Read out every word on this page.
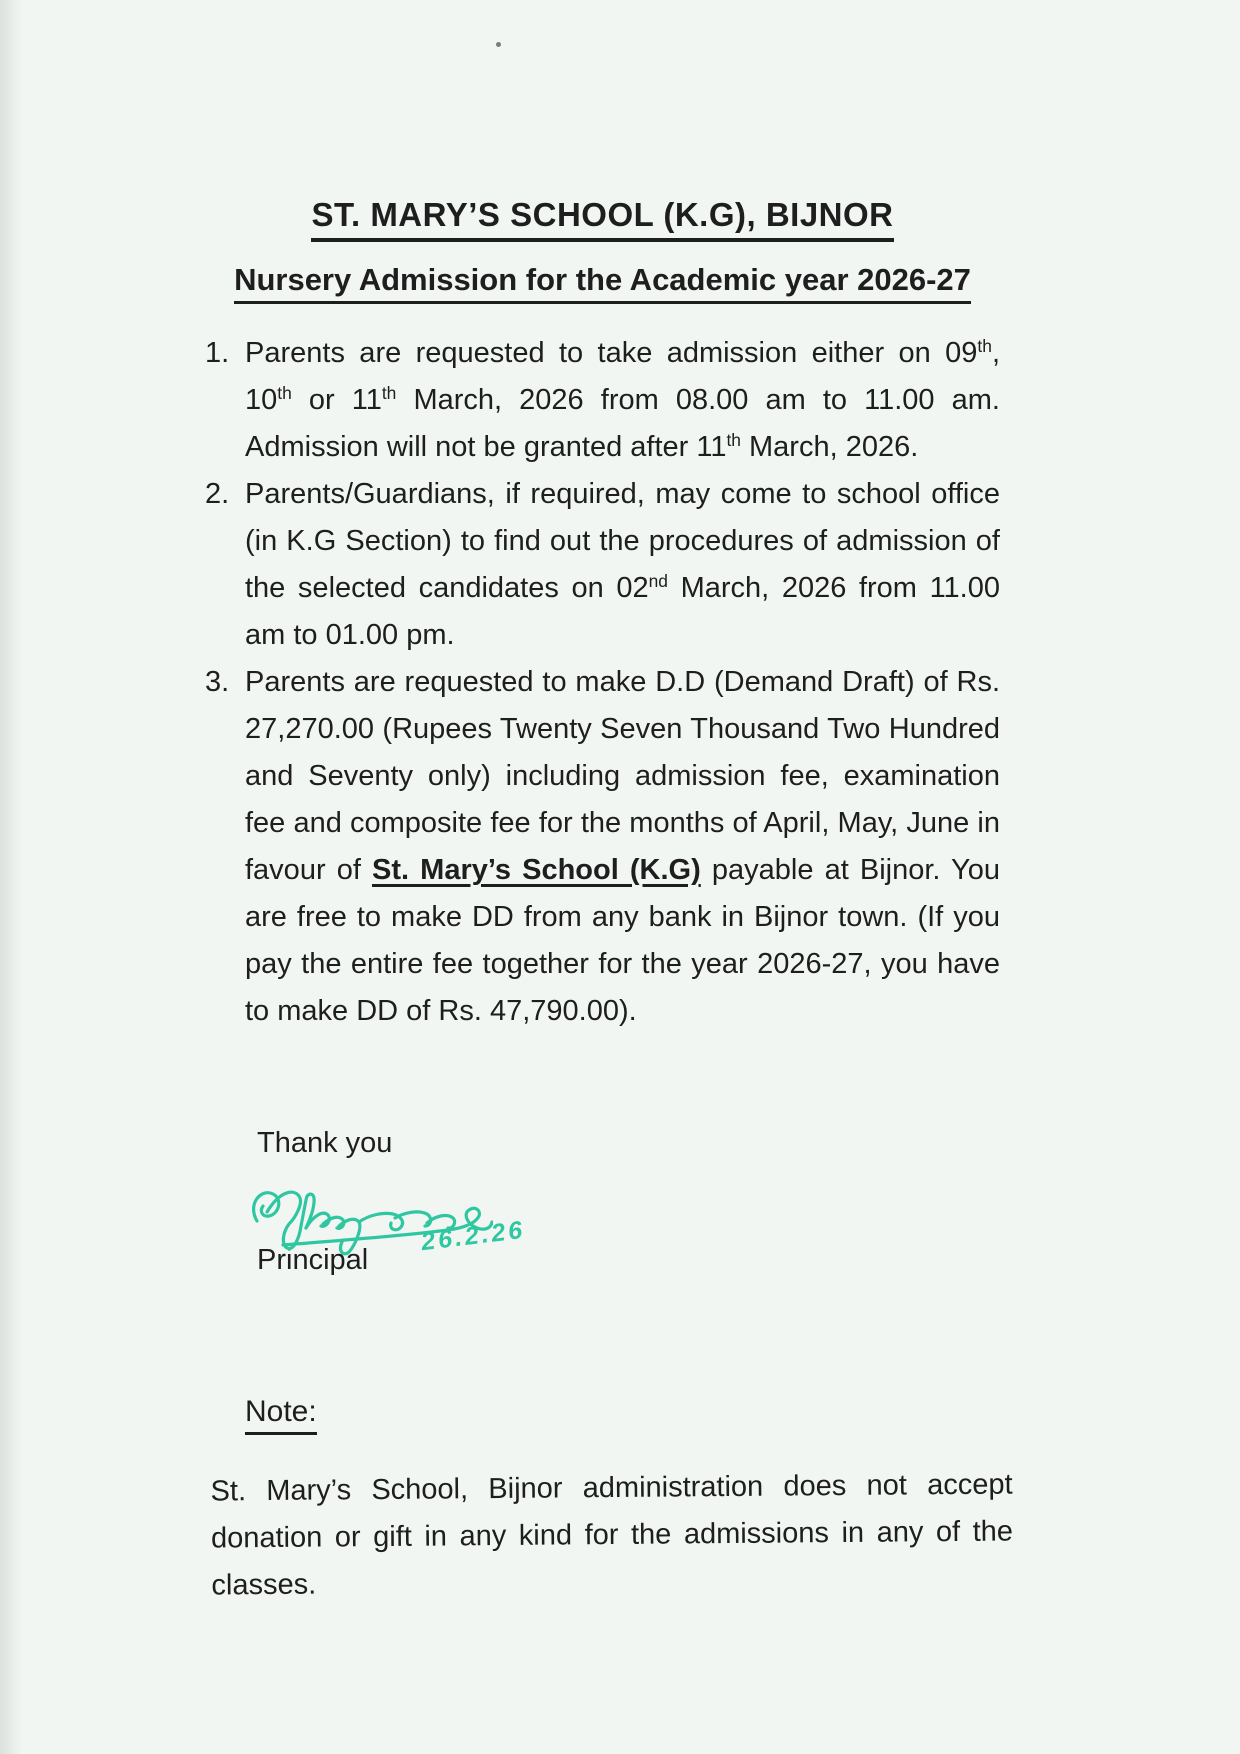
ST. MARY’S SCHOOL (K.G), BIJNOR
Nursery Admission for the Academic year 2026-27
1. Parents are requested to take admission either on 09th, 10th or 11th March, 2026 from 08.00 am to 11.00 am. Admission will not be granted after 11th March, 2026.
2. Parents/Guardians, if required, may come to school office (in K.G Section) to find out the procedures of admission of the selected candidates on 02nd March, 2026 from 11.00 am to 01.00 pm.
3. Parents are requested to make D.D (Demand Draft) of Rs. 27,270.00 (Rupees Twenty Seven Thousand Two Hundred and Seventy only) including admission fee, examination fee and composite fee for the months of April, May, June in favour of St. Mary’s School (K.G) payable at Bijnor. You are free to make DD from any bank in Bijnor town. (If you pay the entire fee together for the year 2026-27, you have to make DD of Rs. 47,790.00).

Thank you

26.2.26

Principal

Note:

St. Mary’s School, Bijnor administration does not accept donation or gift in any kind for the admissions in any of the classes.
